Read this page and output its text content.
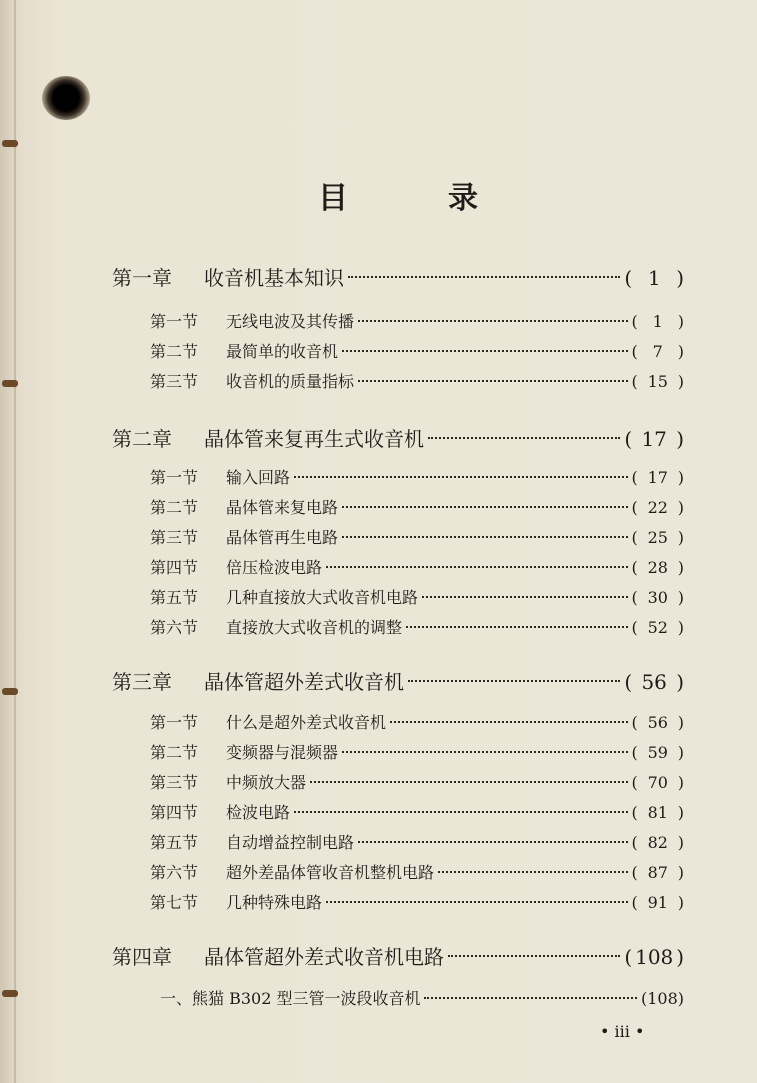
目	录
第一章	收音机基本知识	( 1 )
第一节	无线电波及其传播	( 1 )
第二节	最简单的收音机	( 7 )
第三节	收音机的质量指标	( 15 )
第二章	晶体管来复再生式收音机	( 17 )
第一节	输入回路	( 17 )
第二节	晶体管来复电路	( 22 )
第三节	晶体管再生电路	( 25 )
第四节	倍压检波电路	( 28 )
第五节	几种直接放大式收音机电路	( 30 )
第六节	直接放大式收音机的调整	( 52 )
第三章	晶体管超外差式收音机	( 56 )
第一节	什么是超外差式收音机	( 56 )
第二节	变频器与混频器	( 59 )
第三节	中频放大器	( 70 )
第四节	检波电路	( 81 )
第五节	自动增益控制电路	( 82 )
第六节	超外差晶体管收音机整机电路	( 87 )
第七节	几种特殊电路	( 91 )
第四章	晶体管超外差式收音机电路	( 108 )
一、熊猫 B302 型三管一波段收音机	( 108 )
• iii •
